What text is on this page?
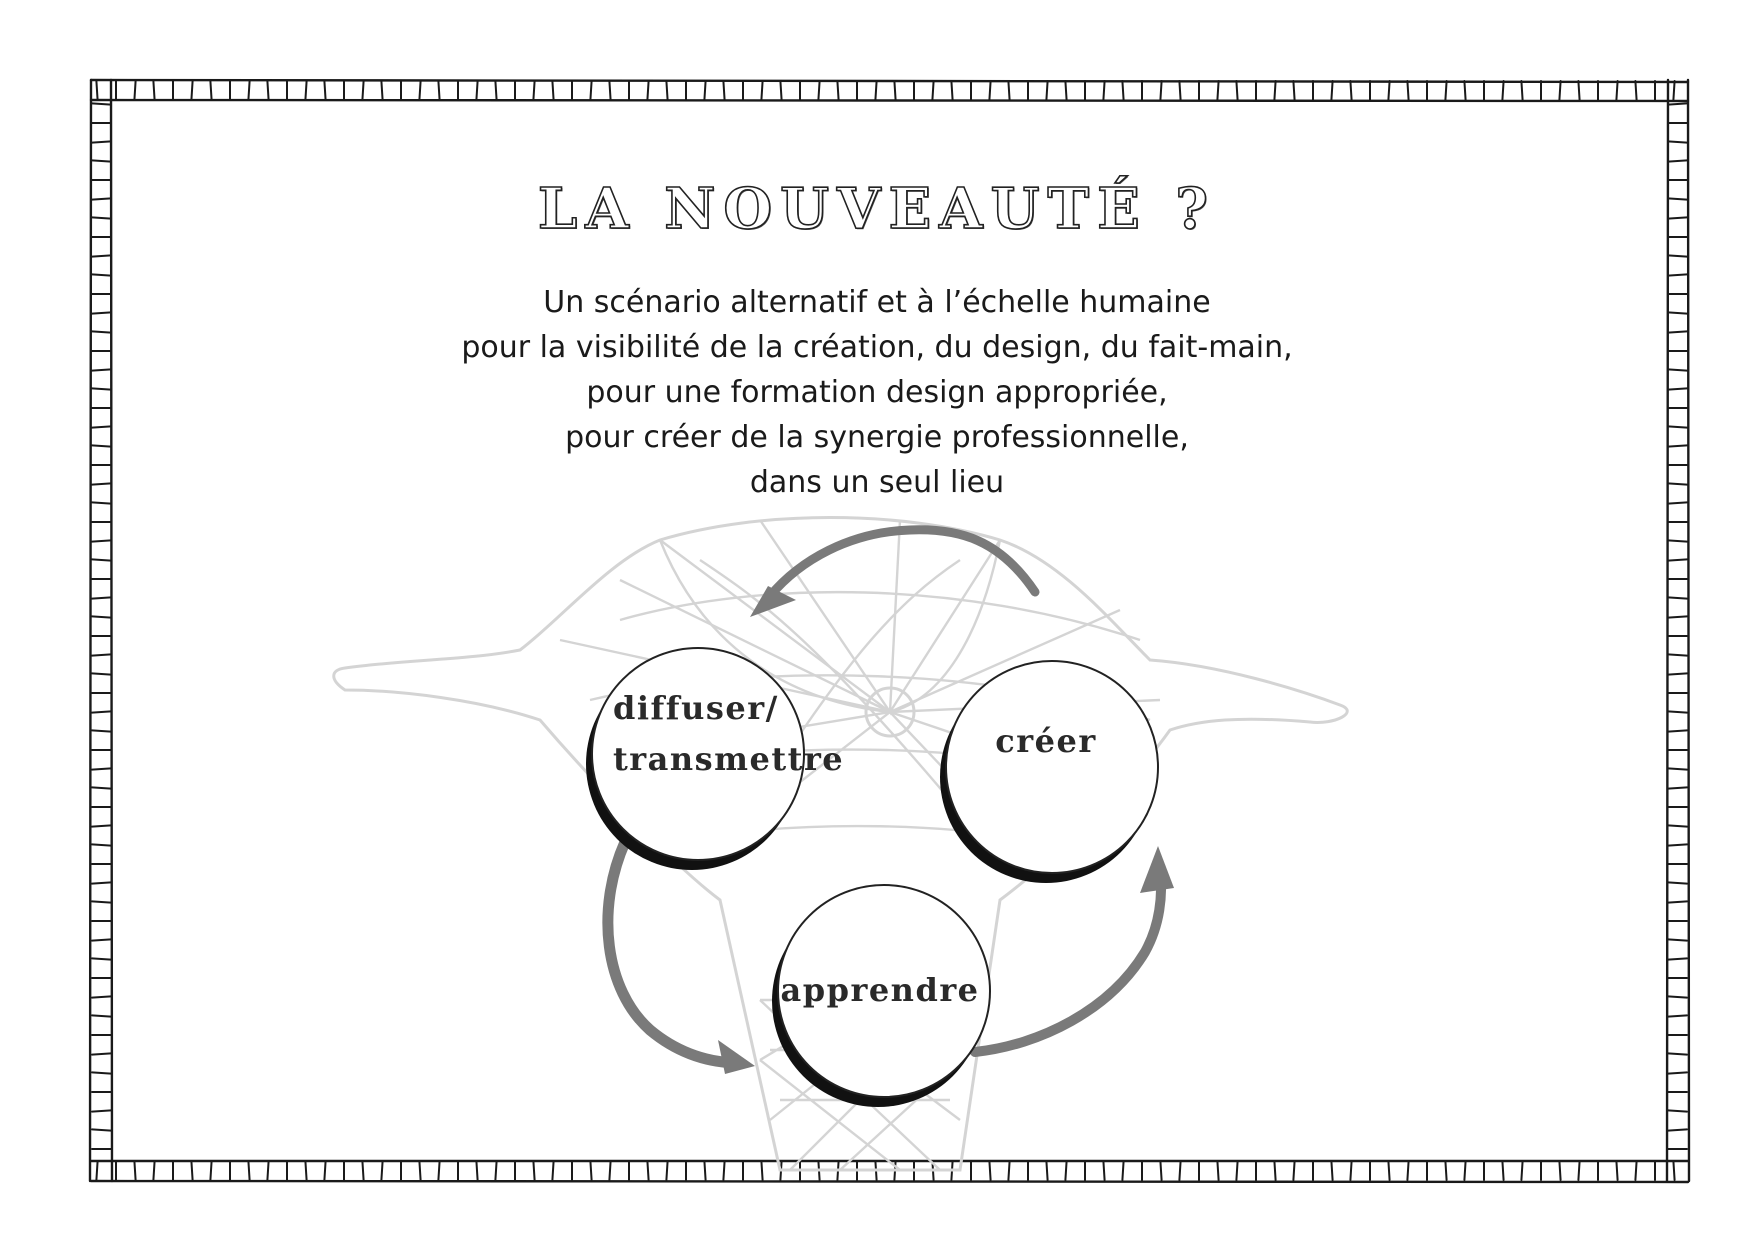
diffuser/
transmettre	créer
apprendre
LA NOUVEAUTÉ ?
Un scénario alternatif et à l’échelle humaine
pour la visibilité de la création, du design, du fait-main,
pour une formation design appropriée,
pour créer de la synergie professionnelle,
dans un seul lieu
